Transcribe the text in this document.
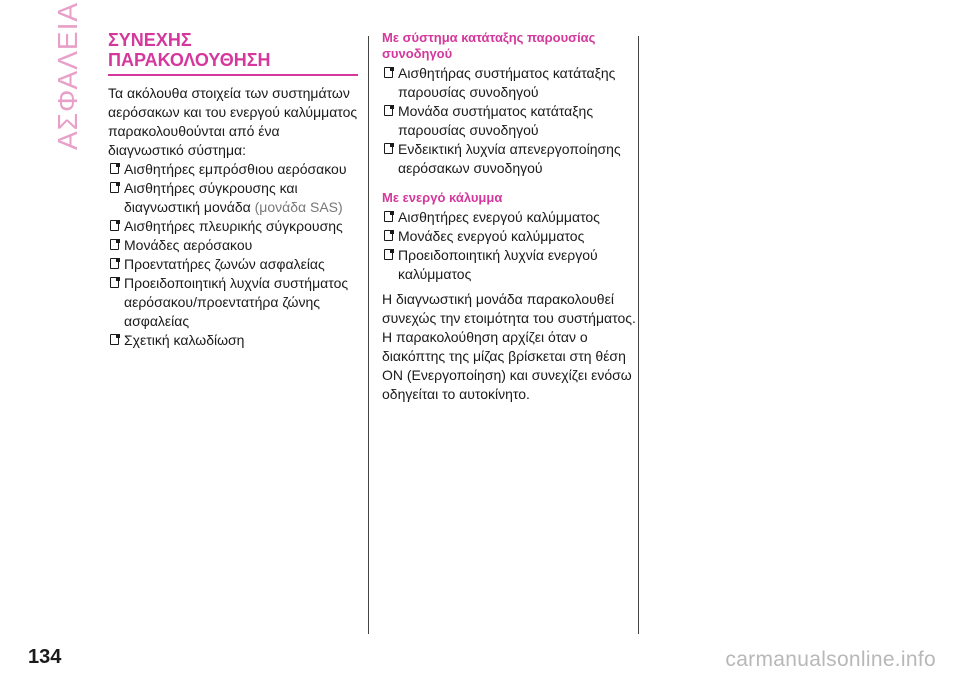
ΑΣΦΑΛΕΙΑ ΣΥΝΕΧΗΣ ΠΑΡΑΚΟΛΟΥΘΗΣΗ

Τα ακόλουθα στοιχεία των συστημάτων αερόσακων και του ενεργού καλύμματος παρακολουθούνται από ένα διαγνωστικό σύστημα:

Αισθητήρες εμπρόσθιου αερόσακου
Αισθητήρες σύγκρουσης και διαγνωστική μονάδα (μονάδα SAS)
Αισθητήρες πλευρικής σύγκρουσης
Μονάδες αερόσακου
Προεντατήρες ζωνών ασφαλείας
Προειδοποιητική λυχνία συστήματος αερόσακου/προεντατήρα ζώνης ασφαλείας
Σχετική καλωδίωση
Με σύστημα κατάταξης παρουσίας συνοδηγού
Αισθητήρας συστήματος κατάταξης παρουσίας συνοδηγού
Μονάδα συστήματος κατάταξης παρουσίας συνοδηγού
Ενδεικτική λυχνία απενεργοποίησης αερόσακων συνοδηγού
Με ενεργό κάλυμμα
Αισθητήρες ενεργού καλύμματος
Μονάδες ενεργού καλύμματος
Προειδοποιητική λυχνία ενεργού καλύμματος

Η διαγνωστική μονάδα παρακολουθεί συνεχώς την ετοιμότητα του συστήματος. Η παρακολούθηση αρχίζει όταν ο διακόπτης της μίζας βρίσκεται στη θέση ON (Ενεργοποίηση) και συνεχίζει ενόσω οδηγείται το αυτοκίνητο.

134	carmanualsonline.info
